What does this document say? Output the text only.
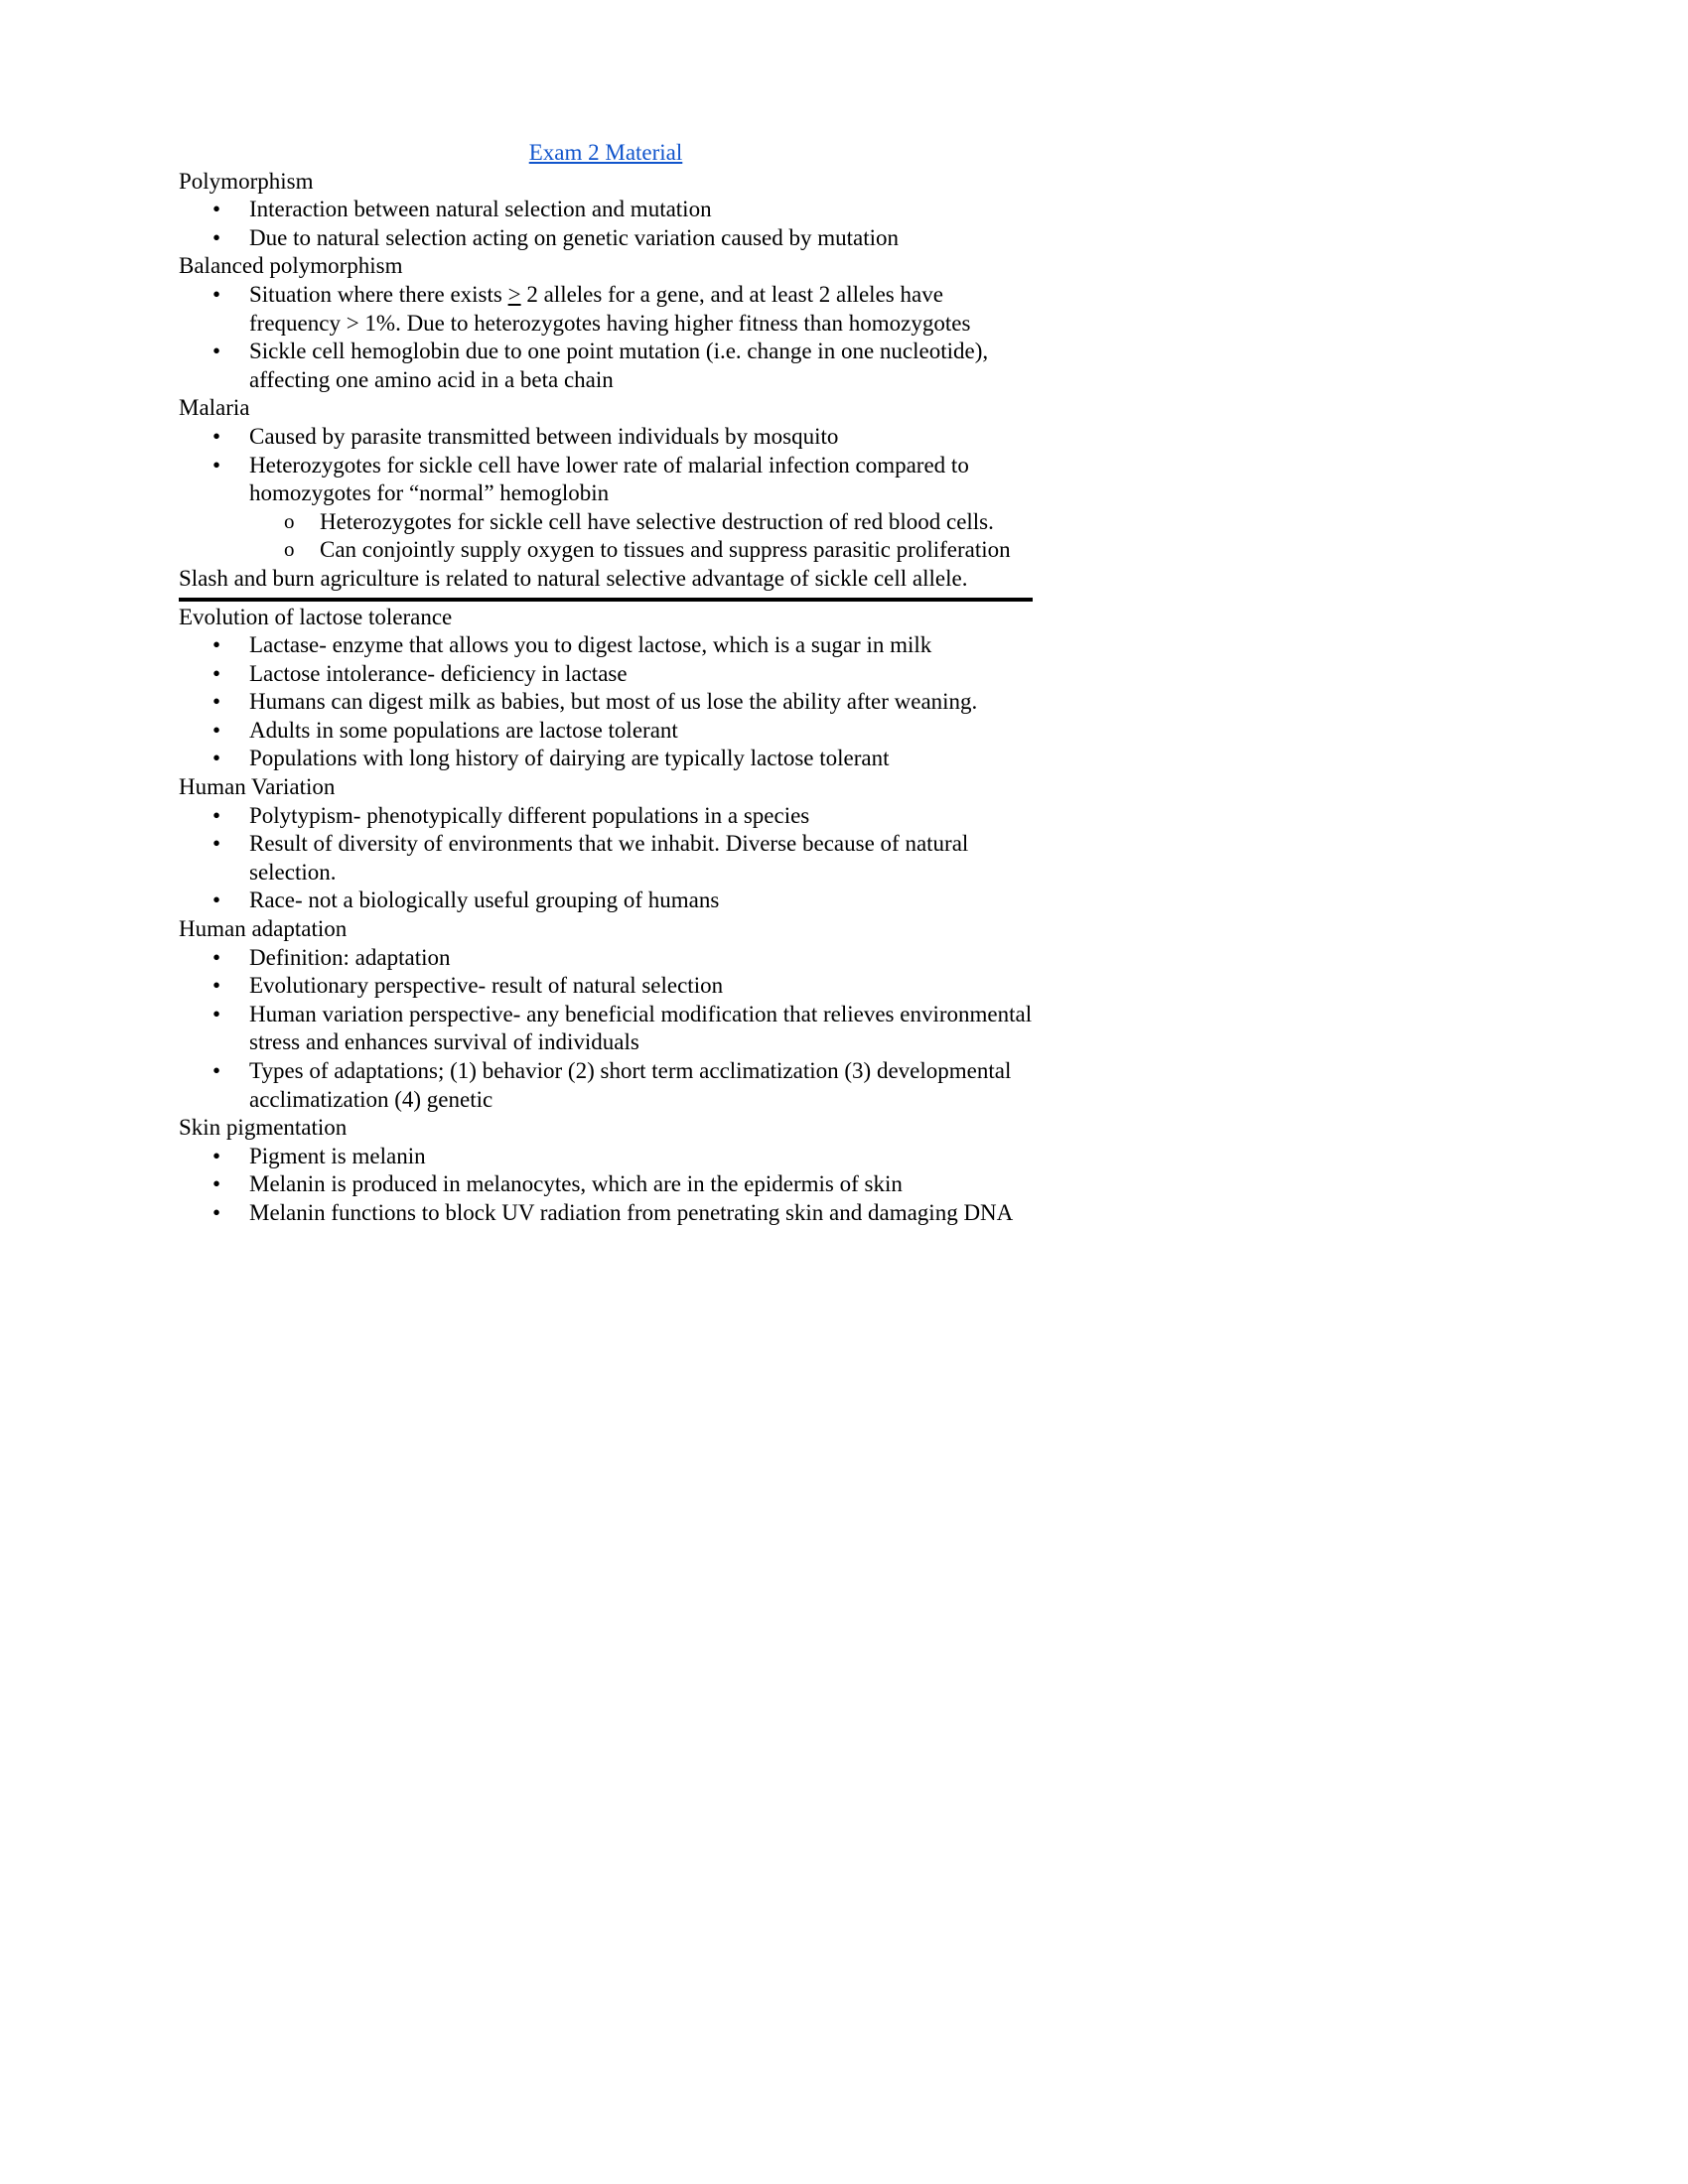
Exam 2 Material

Polymorphism

• Interaction between natural selection and mutation
• Due to natural selection acting on genetic variation caused by mutation

Balanced polymorphism

• Situation where there exists > 2 alleles for a gene, and at least 2 alleles have frequency > 1%. Due to heterozygotes having higher fitness than homozygotes
• Sickle cell hemoglobin due to one point mutation (i.e. change in one nucleotide), affecting one amino acid in a beta chain

Malaria

• Caused by parasite transmitted between individuals by mosquito
• Heterozygotes for sickle cell have lower rate of malarial infection compared to homozygotes for “normal” hemoglobin
o Heterozygotes for sickle cell have selective destruction of red blood cells.
o Can conjointly supply oxygen to tissues and suppress parasitic proliferation

Slash and burn agriculture is related to natural selective advantage of sickle cell allele.

Evolution of lactose tolerance

• Lactase- enzyme that allows you to digest lactose, which is a sugar in milk
• Lactose intolerance- deficiency in lactase
• Humans can digest milk as babies, but most of us lose the ability after weaning.
• Adults in some populations are lactose tolerant
• Populations with long history of dairying are typically lactose tolerant

Human Variation

• Polytypism- phenotypically different populations in a species
• Result of diversity of environments that we inhabit. Diverse because of natural selection.
• Race- not a biologically useful grouping of humans

Human adaptation

• Definition: adaptation
• Evolutionary perspective- result of natural selection
• Human variation perspective- any beneficial modification that relieves environmental stress and enhances survival of individuals
• Types of adaptations; (1) behavior (2) short term acclimatization (3) developmental acclimatization (4) genetic

Skin pigmentation

• Pigment is melanin
• Melanin is produced in melanocytes, which are in the epidermis of skin
• Melanin functions to block UV radiation from penetrating skin and damaging DNA
